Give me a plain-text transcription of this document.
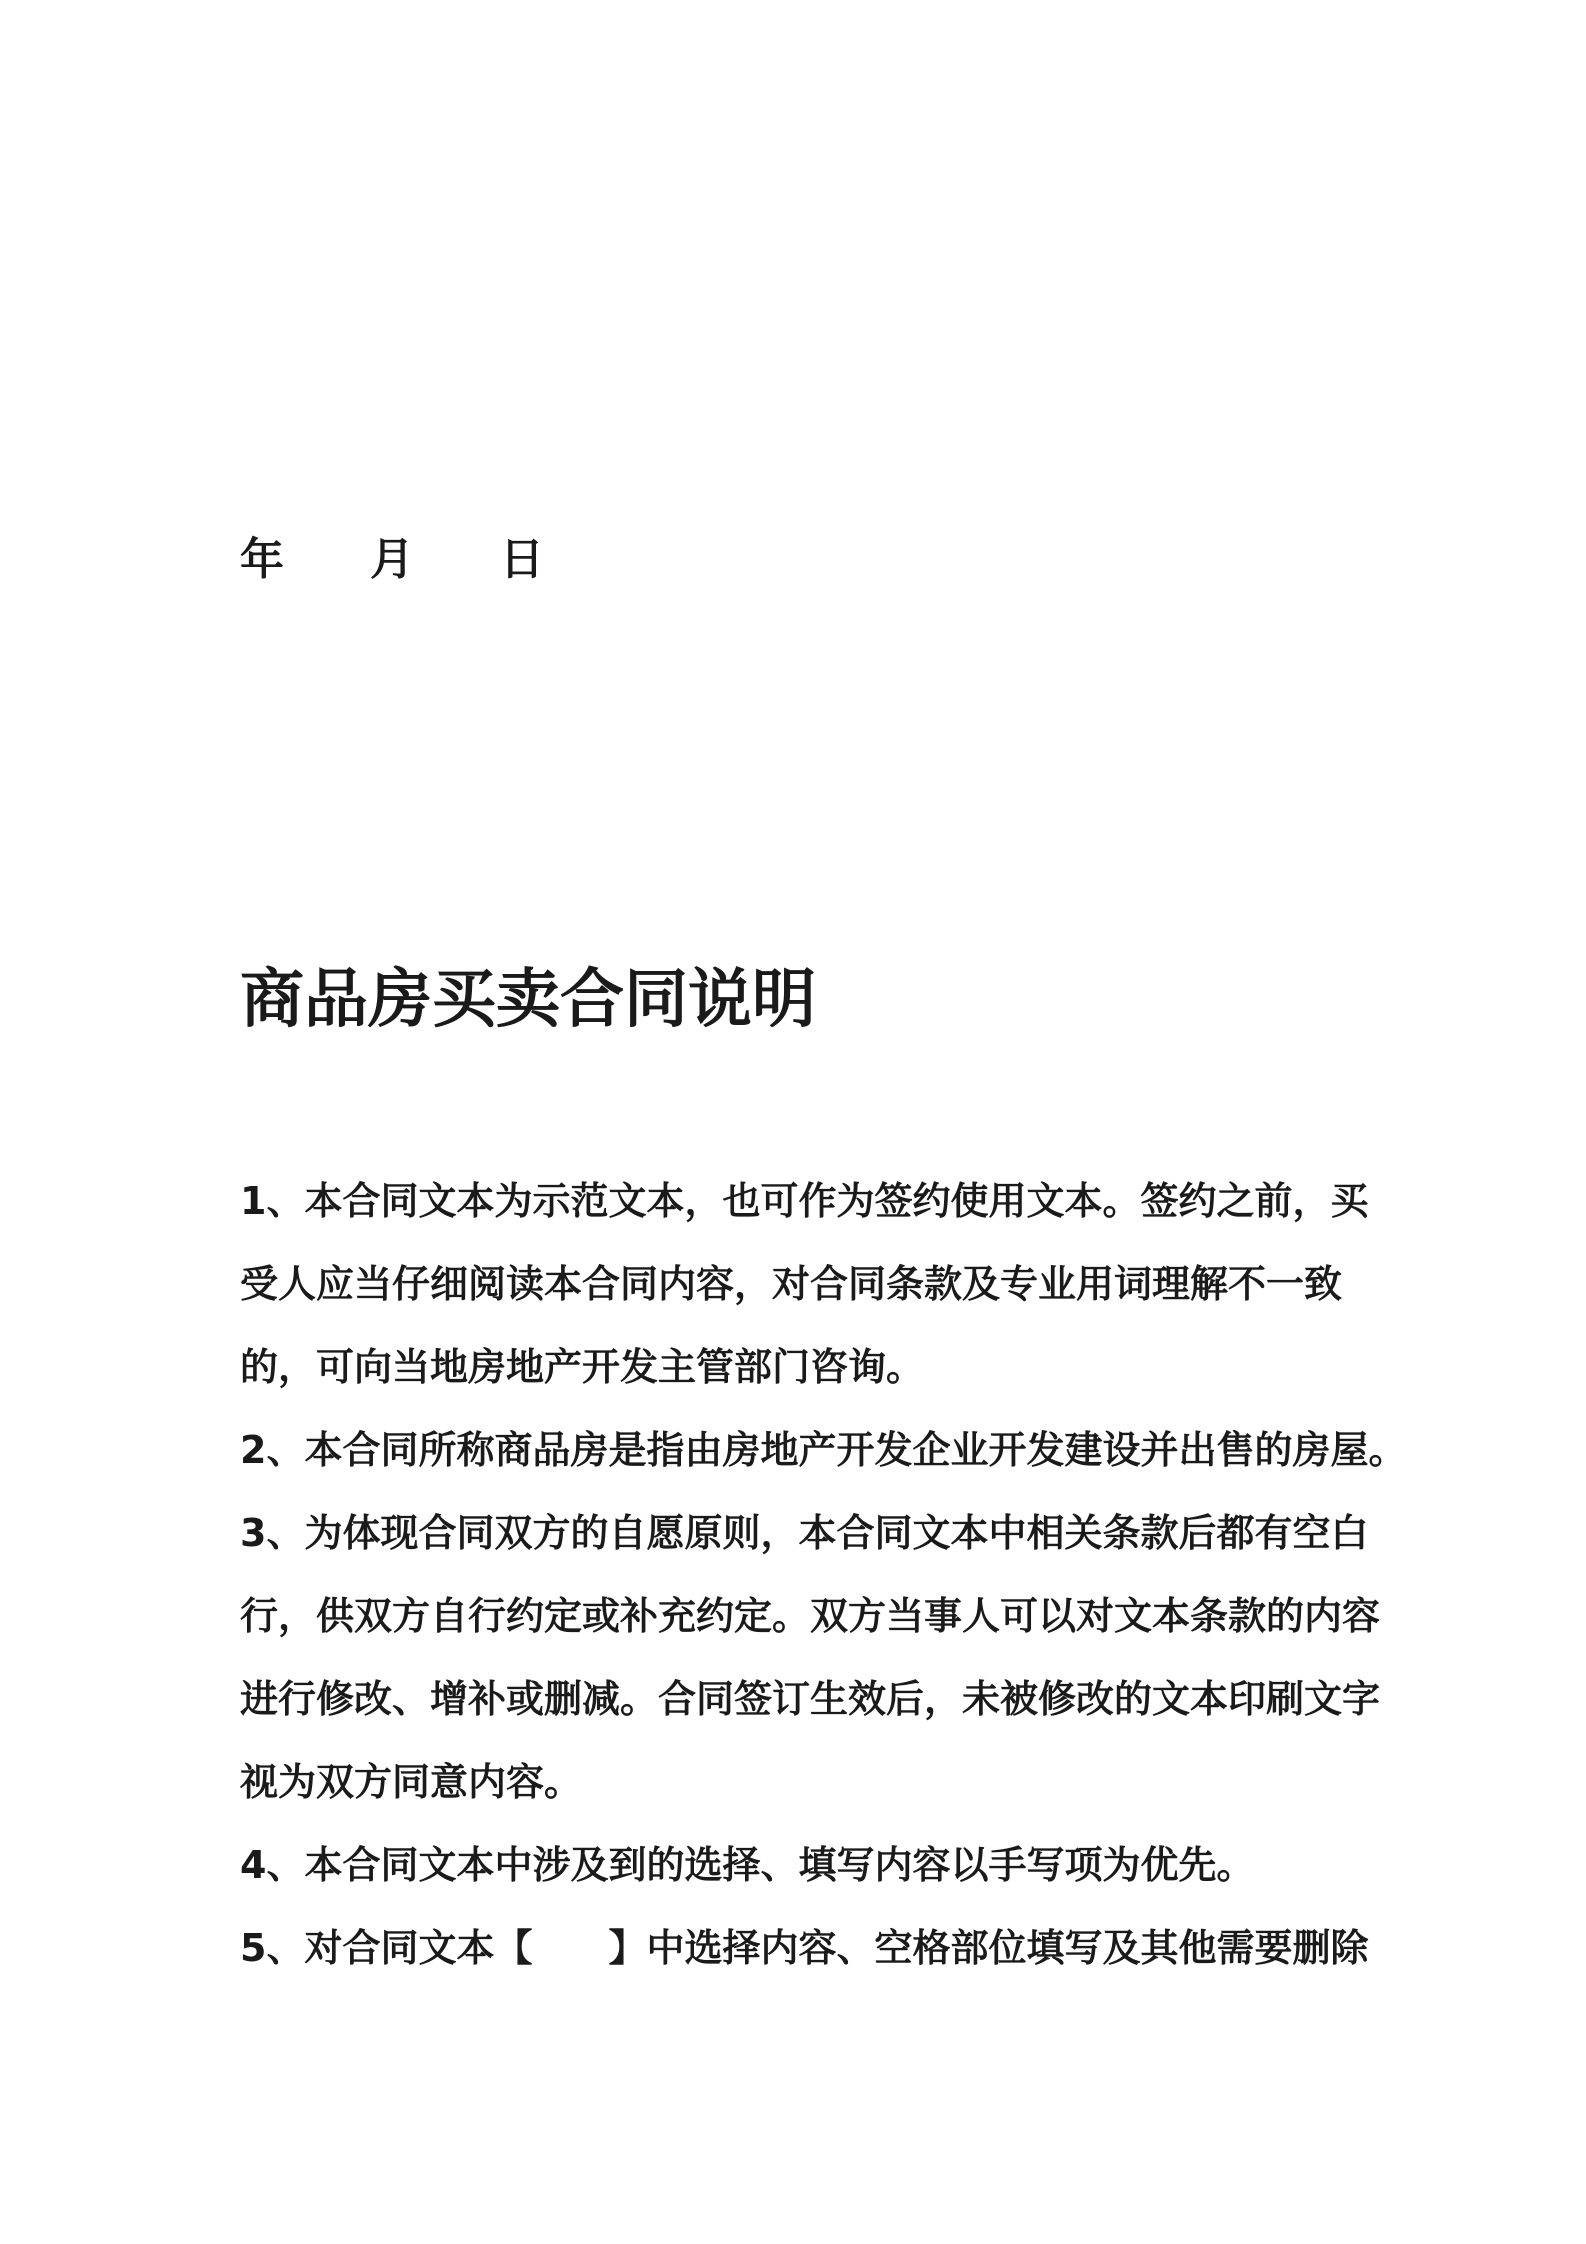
年 月 日
商品房买卖合同说明
1、本合同文本为示范文本，也可作为签约使用文本。签约之前，买
受人应当仔细阅读本合同内容，对合同条款及专业用词理解不一致
的，可向当地房地产开发主管部门咨询。
2、本合同所称商品房是指由房地产开发企业开发建设并出售的房屋。
3、为体现合同双方的自愿原则，本合同文本中相关条款后都有空白
行，供双方自行约定或补充约定。双方当事人可以对文本条款的内容
进行修改、增补或删减。合同签订生效后，未被修改的文本印刷文字
视为双方同意内容。
4、本合同文本中涉及到的选择、填写内容以手写项为优先。
5、对合同文本【　　】中选择内容、空格部位填写及其他需要删除
